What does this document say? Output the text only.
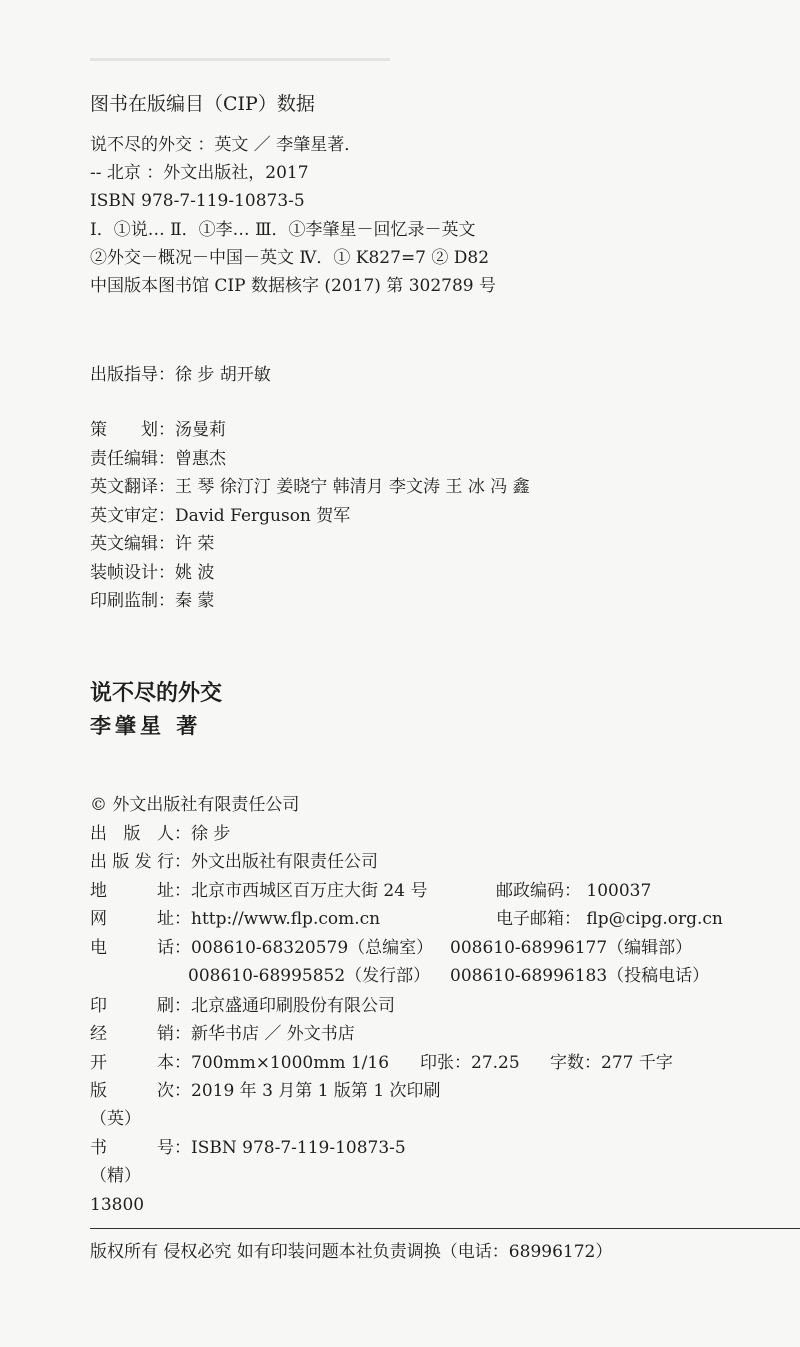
图书在版编目（CIP）数据
说不尽的外交 ：英文 ／ 李肇星著．
-- 北京 ：外文出版社，2017
ISBN 978-7-119-10873-5
Ⅰ．①说… Ⅱ．①李… Ⅲ．①李肇星－回忆录－英文
②外交－概况－中国－英文 Ⅳ．① K827=7 ② D82
中国版本图书馆 CIP 数据核字 (2017) 第 302789 号
出版指导：徐 步 胡开敏
策 划：汤曼莉
责任编辑：曾惠杰
英文翻译：王 琴 徐汀汀 姜晓宁 韩清月 李文涛 王 冰 冯 鑫
英文审定：David Ferguson 贺军
英文编辑：许 荣
装帧设计：姚 波
印刷监制：秦 蒙
说不尽的外交
李肇星 著
© 外文出版社有限责任公司
出 版 人：徐 步
出版发行：外文出版社有限责任公司
地 址：北京市西城区百万庄大街 24 号	邮政编码： 100037
网 址：http://www.flp.com.cn	电子邮箱： flp@cipg.org.cn
电 话：008610-68320579（总编室） 008610-68996177（编辑部）
008610-68995852（发行部） 008610-68996183（投稿电话）
印 刷：北京盛通印刷股份有限公司
经 销：新华书店 ／ 外文书店
开 本：700mm×1000mm 1/16 印张：27.25 字数：277 千字
版 次：2019 年 3 月第 1 版第 1 次印刷
（英）
书 号：ISBN 978-7-119-10873-5
（精）
13800
版权所有 侵权必究 如有印装问题本社负责调换（电话：68996172）
